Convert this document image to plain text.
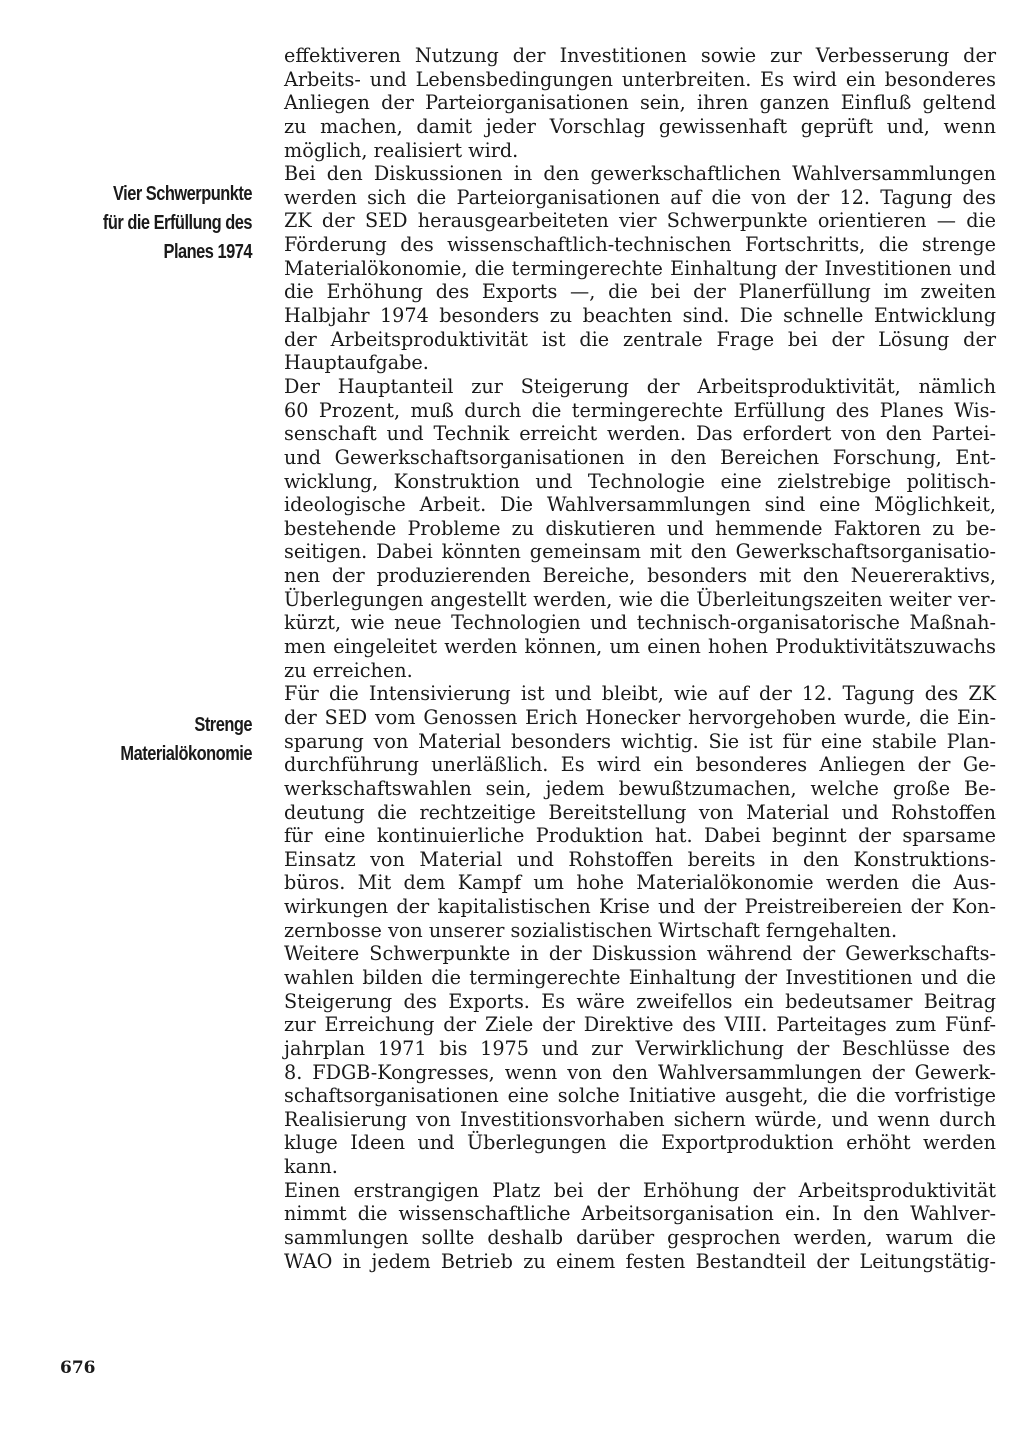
Vier Schwerpunkte
für die Erfüllung des
Planes 1974
Strenge
Materialökonomie
effektiveren Nutzung der Investitionen sowie zur Verbesserung der
Arbeits- und Lebensbedingungen unterbreiten. Es wird ein besonderes
Anliegen der Parteiorganisationen sein, ihren ganzen Einfluß geltend
zu machen, damit jeder Vorschlag gewissenhaft geprüft und, wenn
möglich, realisiert wird.
Bei den Diskussionen in den gewerkschaftlichen Wahlversammlungen
werden sich die Parteiorganisationen auf die von der 12. Tagung des
ZK der SED herausgearbeiteten vier Schwerpunkte orientieren — die
Förderung des wissenschaftlich-technischen Fortschritts, die strenge
Materialökonomie, die termingerechte Einhaltung der Investitionen und
die Erhöhung des Exports —, die bei der Planerfüllung im zweiten
Halbjahr 1974 besonders zu beachten sind. Die schnelle Entwicklung
der Arbeitsproduktivität ist die zentrale Frage bei der Lösung der
Hauptaufgabe.
Der Hauptanteil zur Steigerung der Arbeitsproduktivität, nämlich
60 Prozent, muß durch die termingerechte Erfüllung des Planes Wis-
senschaft und Technik erreicht werden. Das erfordert von den Partei-
und Gewerkschaftsorganisationen in den Bereichen Forschung, Ent-
wicklung, Konstruktion und Technologie eine zielstrebige politisch-
ideologische Arbeit. Die Wahlversammlungen sind eine Möglichkeit,
bestehende Probleme zu diskutieren und hemmende Faktoren zu be-
seitigen. Dabei könnten gemeinsam mit den Gewerkschaftsorganisatio-
nen der produzierenden Bereiche, besonders mit den Neuereraktivs,
Überlegungen angestellt werden, wie die Überleitungszeiten weiter ver-
kürzt, wie neue Technologien und technisch-organisatorische Maßnah-
men eingeleitet werden können, um einen hohen Produktivitätszuwachs
zu erreichen.
Für die Intensivierung ist und bleibt, wie auf der 12. Tagung des ZK
der SED vom Genossen Erich Honecker hervorgehoben wurde, die Ein-
sparung von Material besonders wichtig. Sie ist für eine stabile Plan-
durchführung unerläßlich. Es wird ein besonderes Anliegen der Ge-
werkschaftswahlen sein, jedem bewußtzumachen, welche große Be-
deutung die rechtzeitige Bereitstellung von Material und Rohstoffen
für eine kontinuierliche Produktion hat. Dabei beginnt der sparsame
Einsatz von Material und Rohstoffen bereits in den Konstruktions-
büros. Mit dem Kampf um hohe Materialökonomie werden die Aus-
wirkungen der kapitalistischen Krise und der Preistreibereien der Kon-
zernbosse von unserer sozialistischen Wirtschaft ferngehalten.
Weitere Schwerpunkte in der Diskussion während der Gewerkschafts-
wahlen bilden die termingerechte Einhaltung der Investitionen und die
Steigerung des Exports. Es wäre zweifellos ein bedeutsamer Beitrag
zur Erreichung der Ziele der Direktive des VIII. Parteitages zum Fünf-
jahrplan 1971 bis 1975 und zur Verwirklichung der Beschlüsse des
8. FDGB-Kongresses, wenn von den Wahlversammlungen der Gewerk-
schaftsorganisationen eine solche Initiative ausgeht, die die vorfristige
Realisierung von Investitionsvorhaben sichern würde, und wenn durch
kluge Ideen und Überlegungen die Exportproduktion erhöht werden
kann.
Einen erstrangigen Platz bei der Erhöhung der Arbeitsproduktivität
nimmt die wissenschaftliche Arbeitsorganisation ein. In den Wahlver-
sammlungen sollte deshalb darüber gesprochen werden, warum die
WAO in jedem Betrieb zu einem festen Bestandteil der Leitungstätig-
676
